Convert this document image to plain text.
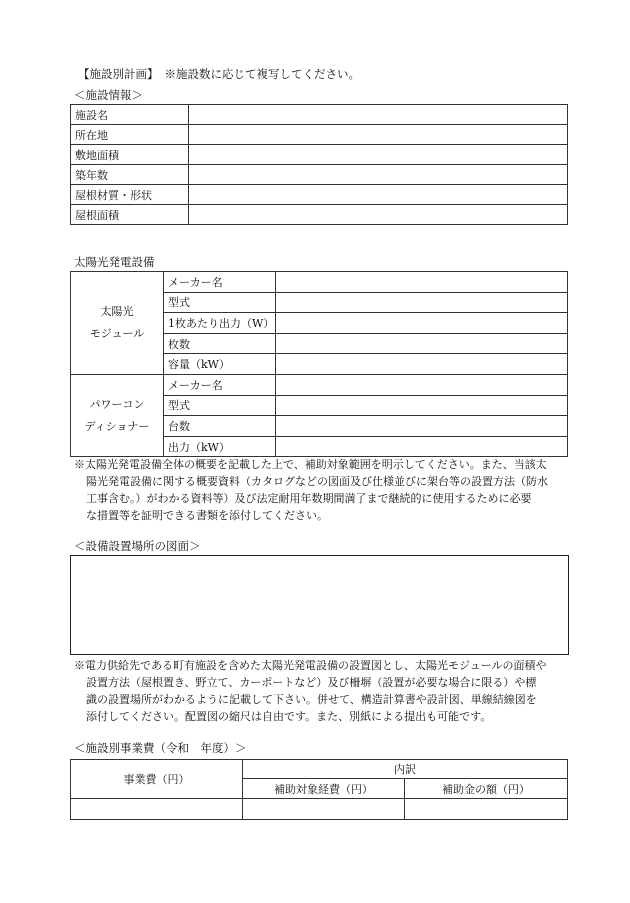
【施設別計画】 ※施設数に応じて複写してください。
＜施設情報＞
施設名	
所在地	
敷地面積	
築年数	
屋根材質・形状	
屋根面積	
太陽光発電設備
太陽光
モジュール	メーカー名	
	型式	
	1枚あたり出力（W）	
	枚数	
	容量（kW）	
パワーコン
ディショナー	メーカー名	
	型式	
	台数	
	出力（kW）	

※太陽光発電設備全体の概要を記載した上で、補助対象範囲を明示してください。また、当該太

陽光発電設備に関する概要資料（カタログなどの図面及び仕様並びに架台等の設置方法（防水

工事含む。）がわかる資料等）及び法定耐用年数期間満了まで継続的に使用するために必要

な措置等を証明できる書類を添付してください。

＜設備設置場所の図面＞

※電力供給先である町有施設を含めた太陽光発電設備の設置図とし、太陽光モジュールの面積や

設置方法（屋根置き、野立て、カーポートなど）及び柵塀（設置が必要な場合に限る）や標

識の設置場所がわかるように記載して下さい。併せて、構造計算書や設計図、単線結線図を

添付してください。配置図の縮尺は自由です。また、別紙による提出も可能です。

＜施設別事業費（令和　年度）＞
事業費（円）	内訳	
	補助対象経費（円）	補助金の額（円）
